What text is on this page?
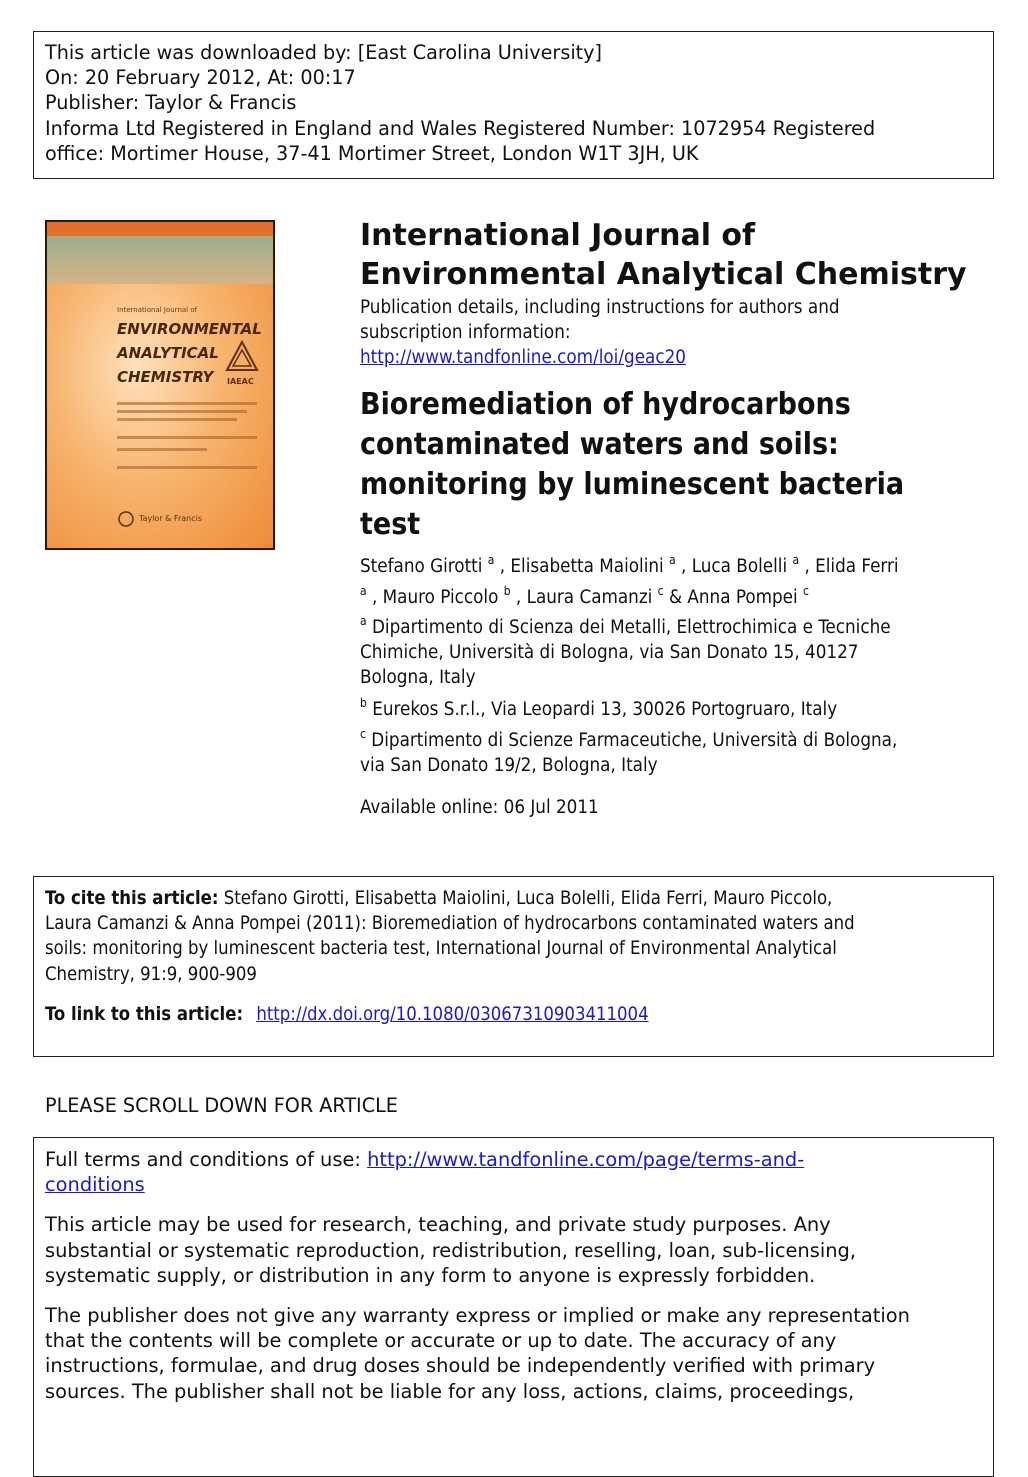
This article was downloaded by: [East Carolina University]
On: 20 February 2012, At: 00:17
Publisher: Taylor & Francis
Informa Ltd Registered in England and Wales Registered Number: 1072954 Registered
office: Mortimer House, 37-41 Mortimer Street, London W1T 3JH, UK
International Journal of
ENVIRONMENTAL
ANALYTICAL
CHEMISTRY IAEAC
Taylor & Francis
International Journal of Environmental Analytical Chemistry
Publication details, including instructions for authors and
subscription information:
http://www.tandfonline.com/loi/geac20
Bioremediation of hydrocarbons
contaminated waters and soils:
monitoring by luminescent bacteria
test
Stefano Girotti $^a$ , Elisabetta Maiolini $^a$ , Luca Bolelli $^a$ , Elida Ferri
$^a$ , Mauro Piccolo $^b$ , Laura Camanzi $^c$ & Anna Pompei $^c$
$^a$ Dipartimento di Scienza dei Metalli, Elettrochimica e Tecniche
Chimiche, Università di Bologna, via San Donato 15, 40127
Bologna, Italy
$^b$ Eurekos S.r.l., Via Leopardi 13, 30026 Portogruaro, Italy
$^c$ Dipartimento di Scienze Farmaceutiche, Università di Bologna,
via San Donato 19/2, Bologna, Italy
Available online: 06 Jul 2011
To cite this article: Stefano Girotti, Elisabetta Maiolini, Luca Bolelli, Elida Ferri, Mauro Piccolo,
Laura Camanzi & Anna Pompei (2011): Bioremediation of hydrocarbons contaminated waters and
soils: monitoring by luminescent bacteria test, International Journal of Environmental Analytical
Chemistry, 91:9, 900-909
To link to this article: http://dx.doi.org/10.1080/03067310903411004
PLEASE SCROLL DOWN FOR ARTICLE

Full terms and conditions of use: http://www.tandfonline.com/page/terms-and-
conditions

This article may be used for research, teaching, and private study purposes. Any
substantial or systematic reproduction, redistribution, reselling, loan, sub-licensing,
systematic supply, or distribution in any form to anyone is expressly forbidden.

The publisher does not give any warranty express or implied or make any representation
that the contents will be complete or accurate or up to date. The accuracy of any
instructions, formulae, and drug doses should be independently verified with primary
sources. The publisher shall not be liable for any loss, actions, claims, proceedings,
